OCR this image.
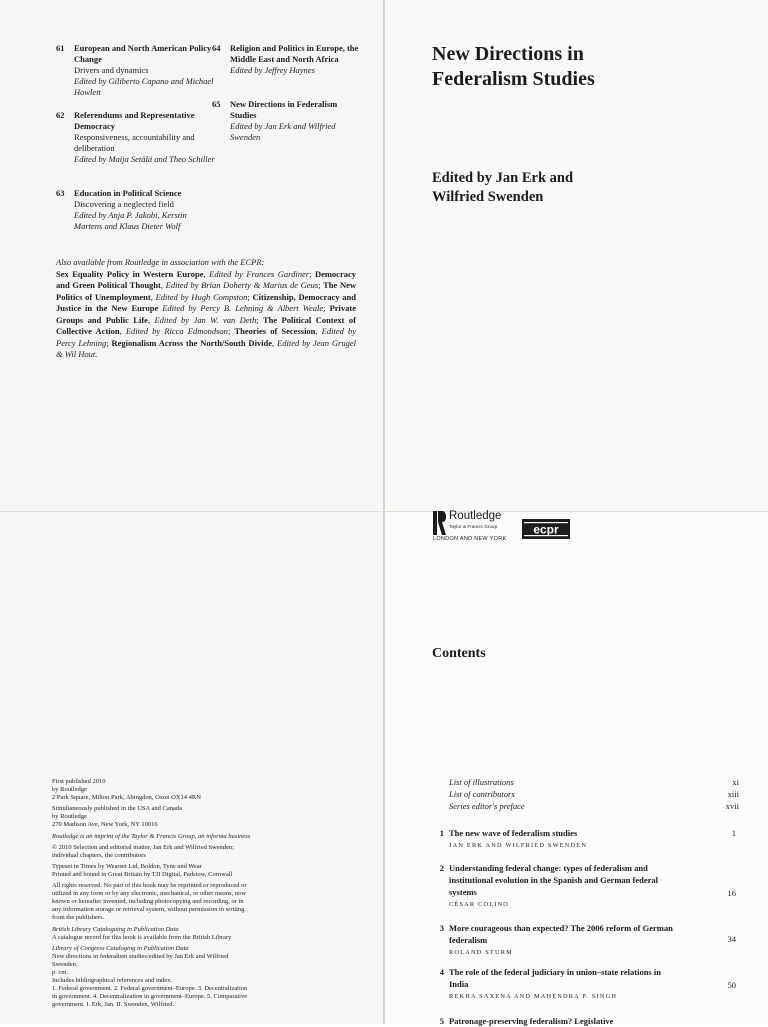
61 European and North American Policy Change
Drivers and dynamics
Edited by Giliberto Capano and Michael Howlett
62 Referendums and Representative Democracy
Responsiveness, accountability and deliberation
Edited by Maija Setälä and Theo Schiller
63 Education in Political Science
Discovering a neglected field
Edited by Anja P. Jakobi, Kerstin Martens and Klaus Dieter Wolf
64 Religion and Politics in Europe, the Middle East and North Africa
Edited by Jeffrey Haynes
65 New Directions in Federalism Studies
Edited by Jan Erk and Wilfried Swenden
Also available from Routledge in association with the ECPR:
Sex Equality Policy in Western Europe, Edited by Frances Gardiner; Democracy and Green Political Thought, Edited by Brian Doherty & Marius de Geus; The New Politics of Unemployment, Edited by Hugh Compston; Citizenship, Democracy and Justice in the New Europe Edited by Percy B. Lehning & Albert Weale; Private Groups and Public Life, Edited by Jan W. van Deth; The Political Context of Collective Action, Edited by Ricca Edmondson; Theories of Secession, Edited by Percy Lehning; Regionalism Across the North/South Divide, Edited by Jean Grugel & Wil Hout.
New Directions in
Federalism Studies
Edited by Jan Erk and
Wilfried Swenden
Routledge
Taylor & Francis Group
LONDON AND NEW YORK
ecpr

First published 2010
by Routledge
2 Park Square, Milton Park, Abingdon, Oxon OX14 4RN

Simultaneously published in the USA and Canada
by Routledge
270 Madison Ave, New York, NY 10016

Routledge is an imprint of the Taylor & Francis Group, an informa business

© 2010 Selection and editorial matter, Jan Erk and Wilfried Swenden;
individual chapters, the contributors

Typeset in Times by Wearset Ltd, Boldon, Tyne and Wear
Printed and bound in Great Britain by TJI Digital, Padstow, Cornwall

All rights reserved. No part of this book may be reprinted or reproduced or
utilized in any form or by any electronic, mechanical, or other means, now
known or hereafter invented, including photocopying and recording, or in
any information storage or retrieval system, without permission in writing
from the publishers.

British Library Cataloguing in Publication Data
A catalogue record for this book is available from the British Library

Library of Congress Cataloging in Publication Data
New directions in federalism studies/edited by Jan Erk and Wilfried
Swenden.
p. cm.
Includes bibliographical references and index.
1. Federal government. 2. Federal government–Europe. 3. Decentralization
in government. 4. Decentralization in government–Europe. 5. Comparative
government. I. Erk, Jan. II. Swenden, Wilfried.

Contents
List of illustrations	xi
List of contributors	xiii
Series editor's preface	xvii
1 The new wave of federalism studies
JAN ERK AND WILFRIED SWENDEN
1
2 Understanding federal change: types of federalism and institutional evolution in the Spanish and German federal systems
CÉSAR COLINO
16
3 More courageous than expected? The 2006 reform of German federalism
ROLAND STURM
34
4 The role of the federal judiciary in union–state relations in India
REKHA SAXENA AND MAHENDRA P. SINGH
50
5 Patronage-preserving federalism? Legislative
